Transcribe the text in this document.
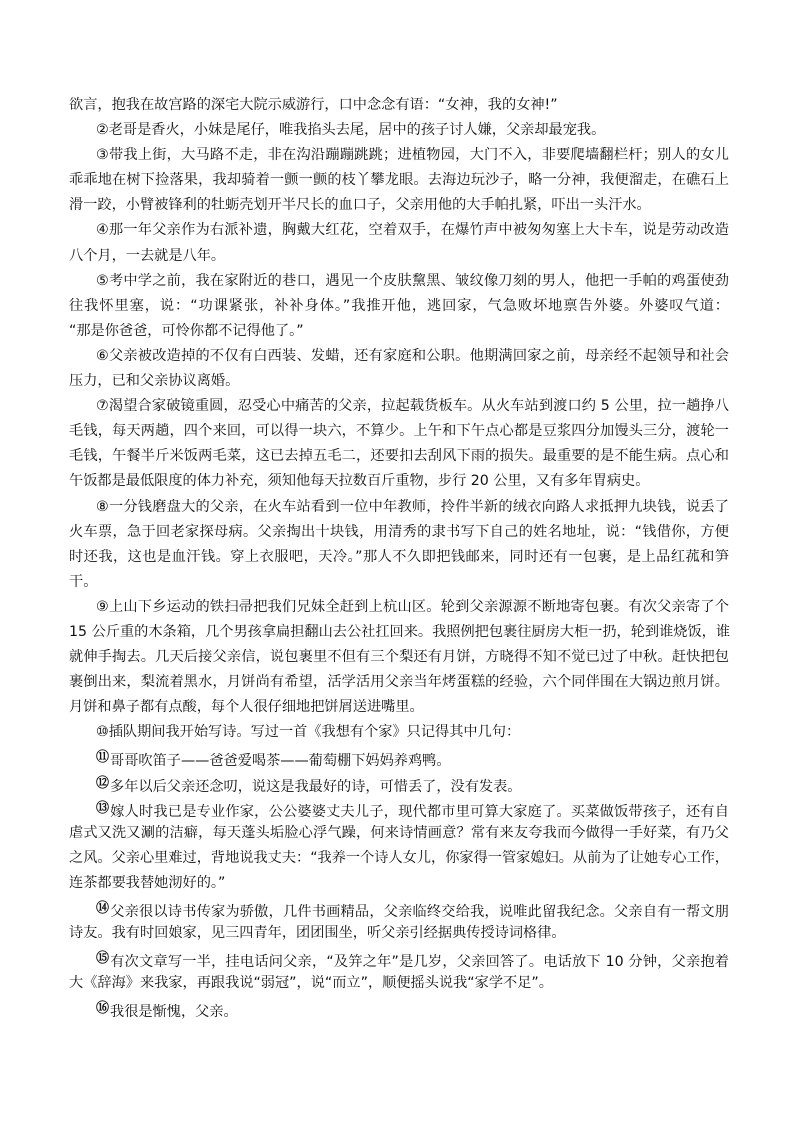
欲言，抱我在故宫路的深宅大院示威游行，口中念念有语：“女神，我的女神!”
②老哥是香火，小妹是尾仔，唯我掐头去尾，居中的孩子讨人嫌，父亲却最宠我。
③带我上街，大马路不走，非在沟沿蹦蹦跳跳；进植物园，大门不入，非要爬墙翻栏杆；别人的女儿
乖乖地在树下捡落果，我却骑着一颤一颤的枝丫攀龙眼。去海边玩沙子，略一分神，我便溜走，在礁石上
滑一跤，小臂被锋利的牡蛎壳划开半尺长的血口子，父亲用他的大手帕扎紧，吓出一头汗水。
④那一年父亲作为右派补遗，胸戴大红花，空着双手，在爆竹声中被匆匆塞上大卡车，说是劳动改造
八个月，一去就是八年。
⑤考中学之前，我在家附近的巷口，遇见一个皮肤黧黑、皱纹像刀刻的男人，他把一手帕的鸡蛋使劲
往我怀里塞，说：“功课紧张，补补身体。”我推开他，逃回家，气急败坏地禀告外婆。外婆叹气道：
“那是你爸爸，可怜你都不记得他了。”
⑥父亲被改造掉的不仅有白西装、发蜡，还有家庭和公职。他期满回家之前，母亲经不起领导和社会
压力，已和父亲协议离婚。
⑦渴望合家破镜重圆，忍受心中痛苦的父亲，拉起载货板车。从火车站到渡口约 5 公里，拉一趟挣八
毛钱，每天两趟，四个来回，可以得一块六，不算少。上午和下午点心都是豆浆四分加馒头三分，渡轮一
毛钱，午餐半斤米饭两毛菜，这已去掉五毛二，还要扣去刮风下雨的损失。最重要的是不能生病。点心和
午饭都是最低限度的体力补充，须知他每天拉数百斤重物，步行 20 公里，又有多年胃病史。
⑧一分钱磨盘大的父亲，在火车站看到一位中年教师，拎件半新的绒衣向路人求抵押九块钱，说丢了
火车票，急于回老家探母病。父亲掏出十块钱，用清秀的隶书写下自己的姓名地址，说：“钱借你，方便
时还我，这也是血汗钱。穿上衣服吧，天冷。”那人不久即把钱邮来，同时还有一包裹，是上品红菰和笋
干。
⑨上山下乡运动的铁扫帚把我们兄妹全赶到上杭山区。轮到父亲源源不断地寄包裹。有次父亲寄了个
15 公斤重的木条箱，几个男孩拿扁担翻山去公社扛回来。我照例把包裹往厨房大柜一扔，轮到谁烧饭，谁
就伸手掏去。几天后接父亲信，说包裹里不但有三个梨还有月饼，方晓得不知不觉已过了中秋。赶快把包
裹倒出来，梨流着黑水，月饼尚有希望，活学活用父亲当年烤蛋糕的经验，六个同伴围在大锅边煎月饼。
月饼和鼻子都有点酸，每个人很仔细地把饼屑送进嘴里。
⑩插队期间我开始写诗。写过一首《我想有个家》只记得其中几句：
⑪哥哥吹笛子——爸爸爱喝茶——葡萄棚下妈妈养鸡鸭。
⑫多年以后父亲还念叨，说这是我最好的诗，可惜丢了，没有发表。
⑬嫁人时我已是专业作家，公公婆婆丈夫儿子，现代都市里可算大家庭了。买菜做饭带孩子，还有自
虐式又洗又涮的洁癖，每天蓬头垢脸心浮气躁，何来诗情画意？常有来友夸我而今做得一手好菜，有乃父
之风。父亲心里难过，背地说我丈夫：“我养一个诗人女儿，你家得一管家媳妇。从前为了让她专心工作，
连茶都要我替她沏好的。”
⑭父亲很以诗书传家为骄傲，几件书画精品，父亲临终交给我，说唯此留我纪念。父亲自有一帮文朋
诗友。我有时回娘家，见三四青年，团团围坐，听父亲引经据典传授诗词格律。
⑮有次文章写一半，挂电话问父亲，“及笄之年”是几岁，父亲回答了。电话放下 10 分钟，父亲抱着
大《辞海》来我家，再跟我说“弱冠”，说“而立”，顺便摇头说我“家学不足”。
⑯我很是惭愧，父亲。
